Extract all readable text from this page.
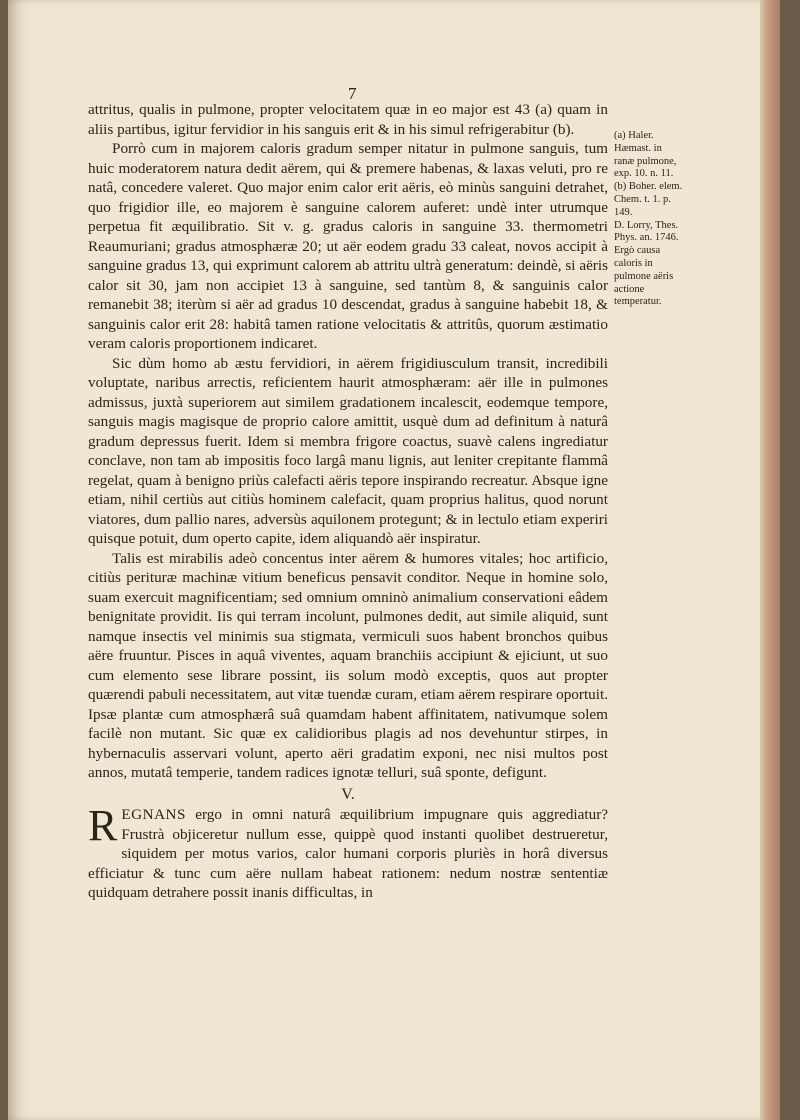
7

attritus, qualis in pulmone, propter velocitatem quæ in eo major est 43 (a) quam in aliis partibus, igitur fervidior in his sanguis erit & in his simul refrigerabitur (b).

Porrò cum in majorem caloris gradum semper nitatur in pulmone sanguis, tum huic moderatorem natura dedit aërem, qui & premere habenas, & laxas veluti, pro re natâ, concedere valeret. Quo major enim calor erit aëris, eò minùs sanguini detrahet, quo frigidior ille, eo majorem è sanguine calorem auferet: undè inter utrumque perpetua fit æquilibratio. Sit v. g. gradus caloris in sanguine 33. thermometri Reaumuriani; gradus atmosphæræ 20; ut aër eodem gradu 33 caleat, novos accipit à sanguine gradus 13, qui exprimunt calorem ab attritu ultrà generatum: deindè, si aëris calor sit 30, jam non accipiet 13 à sanguine, sed tantùm 8, & sanguinis calor remanebit 38; iterùm si aër ad gradus 10 descendat, gradus à sanguine habebit 18, & sanguinis calor erit 28: habitâ tamen ratione velocitatis & attritûs, quorum æstimatio veram caloris proportionem indicaret.

Sic dùm homo ab æstu fervidiori, in aërem frigidiusculum transit, incredibili voluptate, naribus arrectis, reficientem haurit atmosphæram: aër ille in pulmones admissus, juxtà superiorem aut similem gradationem incalescit, eodemque tempore, sanguis magis magisque de proprio calore amittit, usquè dum ad definitum à naturâ gradum depressus fuerit. Idem si membra frigore coactus, suavè calens ingrediatur conclave, non tam ab impositis foco largâ manu lignis, aut leniter crepitante flammâ regelat, quam à benigno priùs calefacti aëris tepore inspirando recreatur. Absque igne etiam, nihil certiùs aut citiùs hominem calefacit, quam proprius halitus, quod norunt viatores, dum pallio nares, adversùs aquilonem protegunt; & in lectulo etiam experiri quisque potuit, dum operto capite, idem aliquandò aër inspiratur.

Talis est mirabilis adeò concentus inter aërem & humores vitales; hoc artificio, citiùs perituræ machinæ vitium beneficus pensavit conditor. Neque in homine solo, suam exercuit magnificentiam; sed omnium omninò animalium conservationi eâdem benignitate providit. Iis qui terram incolunt, pulmones dedit, aut simile aliquid, sunt namque insectis vel minimis sua stigmata, vermiculi suos habent bronchos quibus aëre fruuntur. Pisces in aquâ viventes, aquam branchiis accipiunt & ejiciunt, ut suo cum elemento sese librare possint, iis solum modò exceptis, quos aut propter quærendi pabuli necessitatem, aut vitæ tuendæ curam, etiam aërem respirare oportuit. Ipsæ plantæ cum atmosphærâ suâ quamdam habent affinitatem, nativumque solem facilè non mutant. Sic quæ ex calidioribus plagis ad nos devehuntur stirpes, in hybernaculis asservari volunt, aperto aëri gradatim exponi, nec nisi multos post annos, mutatâ temperie, tandem radices ignotæ telluri, suâ sponte, defigunt.

V.

REGNANS ergo in omni naturâ æquilibrium impugnare quis aggrediatur? Frustrà objiceretur nullum esse, quippè quod instanti quolibet destrueretur, siquidem per motus varios, calor humani corporis pluriès in horâ diversus efficiatur & tunc cum aëre nullam habeat rationem: nedum nostræ sententiæ quidquam detrahere possit inanis difficultas, in

(a) Haler. Hæmast. in ranæ pulmone, exp. 10. n. 11.

(b) Boher. elem. Chem. t. 1. p. 149.

D. Lorry, Thes. Phys. an. 1746. Ergò causa caloris in pulmone aëris actione temperatur.
